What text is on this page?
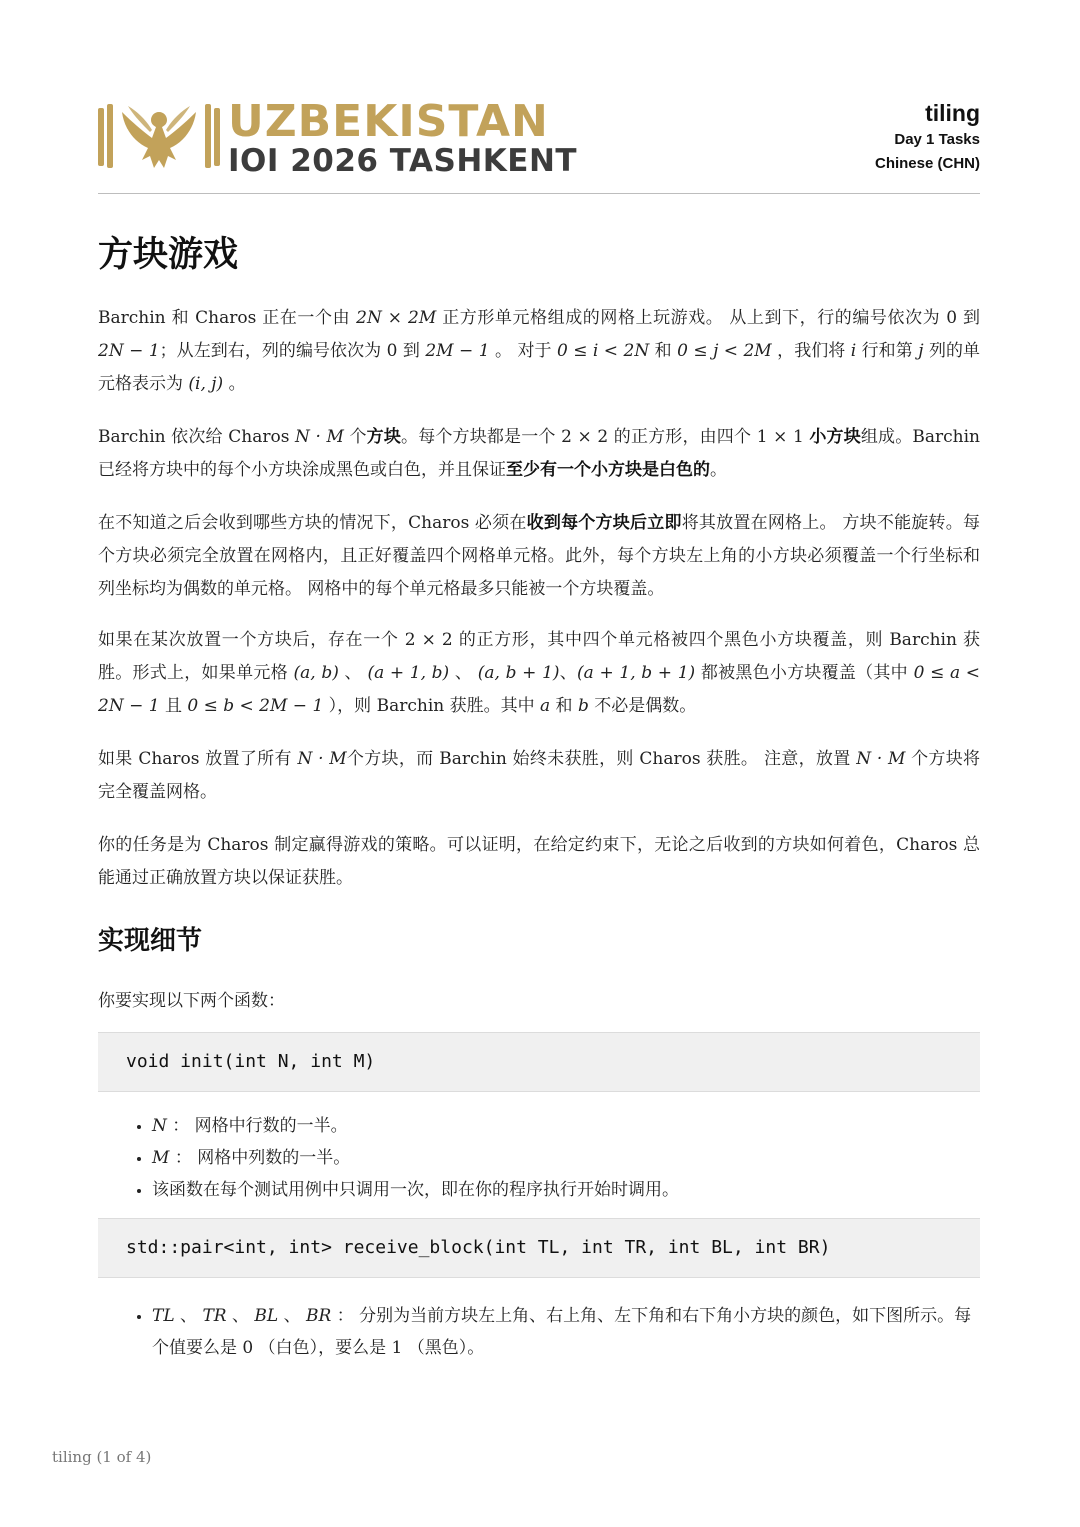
UZBEKISTAN
IOI 2026 TASHKENT
tiling
Day 1 Tasks
Chinese (CHN)
方块游戏

Barchin 和 Charos 正在一个由 2N × 2M 正方形单元格组成的网格上玩游戏。 从上到下，行的编号依次为 0 到 2N − 1；从左到右，列的编号依次为 0 到 2M − 1 。 对于 0 ≤ i < 2N 和 0 ≤ j < 2M ，我们将 i 行和第 j 列的单元格表示为 (i, j) 。

Barchin 依次给 Charos N · M 个方块。每个方块都是一个 2 × 2 的正方形，由四个 1 × 1 小方块组成。Barchin 已经将方块中的每个小方块涂成黑色或白色，并且保证至少有一个小方块是白色的。

在不知道之后会收到哪些方块的情况下，Charos 必须在收到每个方块后立即将其放置在网格上。 方块不能旋转。每个方块必须完全放置在网格内，且正好覆盖四个网格单元格。此外，每个方块左上角的小方块必须覆盖一个行坐标和列坐标均为偶数的单元格。 网格中的每个单元格最多只能被一个方块覆盖。

如果在某次放置一个方块后，存在一个 2 × 2 的正方形，其中四个单元格被四个黑色小方块覆盖，则 Barchin 获胜。形式上，如果单元格 (a, b) 、 (a + 1, b) 、 (a, b + 1)、(a + 1, b + 1) 都被黑色小方块覆盖（其中 0 ≤ a < 2N − 1 且 0 ≤ b < 2M − 1 ），则 Barchin 获胜。其中 a 和 b 不必是偶数。

如果 Charos 放置了所有 N · M个方块，而 Barchin 始终未获胜，则 Charos 获胜。 注意，放置 N · M 个方块将完全覆盖网格。

你的任务是为 Charos 制定赢得游戏的策略。可以证明，在给定约束下，无论之后收到的方块如何着色，Charos 总能通过正确放置方块以保证获胜。

实现细节

你要实现以下两个函数：

void init(int N, int M)
• N ： 网格中行数的一半。
• M ： 网格中列数的一半。
• 该函数在每个测试用例中只调用一次，即在你的程序执行开始时调用。
std::pair<int, int> receive_block(int TL, int TR, int BL, int BR)
• TL 、 TR 、 BL 、 BR ： 分别为当前方块左上角、右上角、左下角和右下角小方块的颜色，如下图所示。每个值要么是 0 （白色），要么是 1 （黑色）。
tiling (1 of 4)
